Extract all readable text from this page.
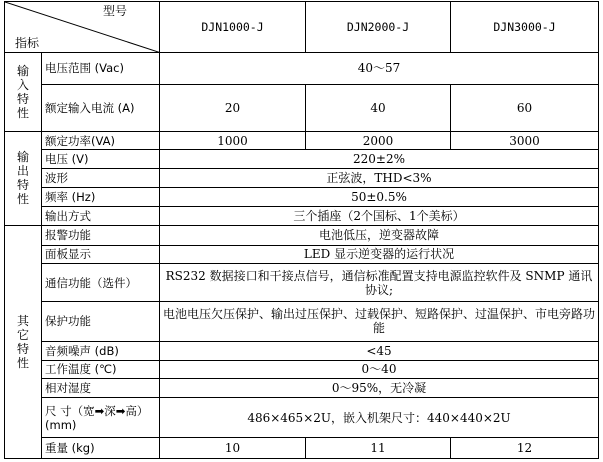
型号
指标		DJN1000-J	DJN2000-J	DJN3000-J

输
入
特
性	电压范围 (Vac)	40～57		
	额定输入电流 (A)	20	40	60

输
出
特
性	额定功率(VA)	1000	2000	3000
	电压 (V)	220±2%		
	波形	正弦波，THD<3%		
	频率 (Hz)	50±0.5%		
	输出方式	三个插座（2个国标、1个美标）		

其
它
特
性	报警功能	电池低压，逆变器故障		
	面板显示	LED 显示逆变器的运行状况		
	通信功能（选件）	RS232 数据接口和干接点信号，通信标准配置支持电源监控软件及 SNMP 通讯协议;		
	保护功能	电池电压欠压保护、输出过压保护、过载保护、短路保护、过温保护、市电旁路功能		
	音频噪声 (dB)	<45		
	工作温度 (℃)	0～40		
	相对湿度	0～95%，无冷凝		
	尺 寸（宽➡深➡高）(mm)	486×465×2U，嵌入机架尺寸：440×440×2U		
	重量 (kg)	10	11	12
